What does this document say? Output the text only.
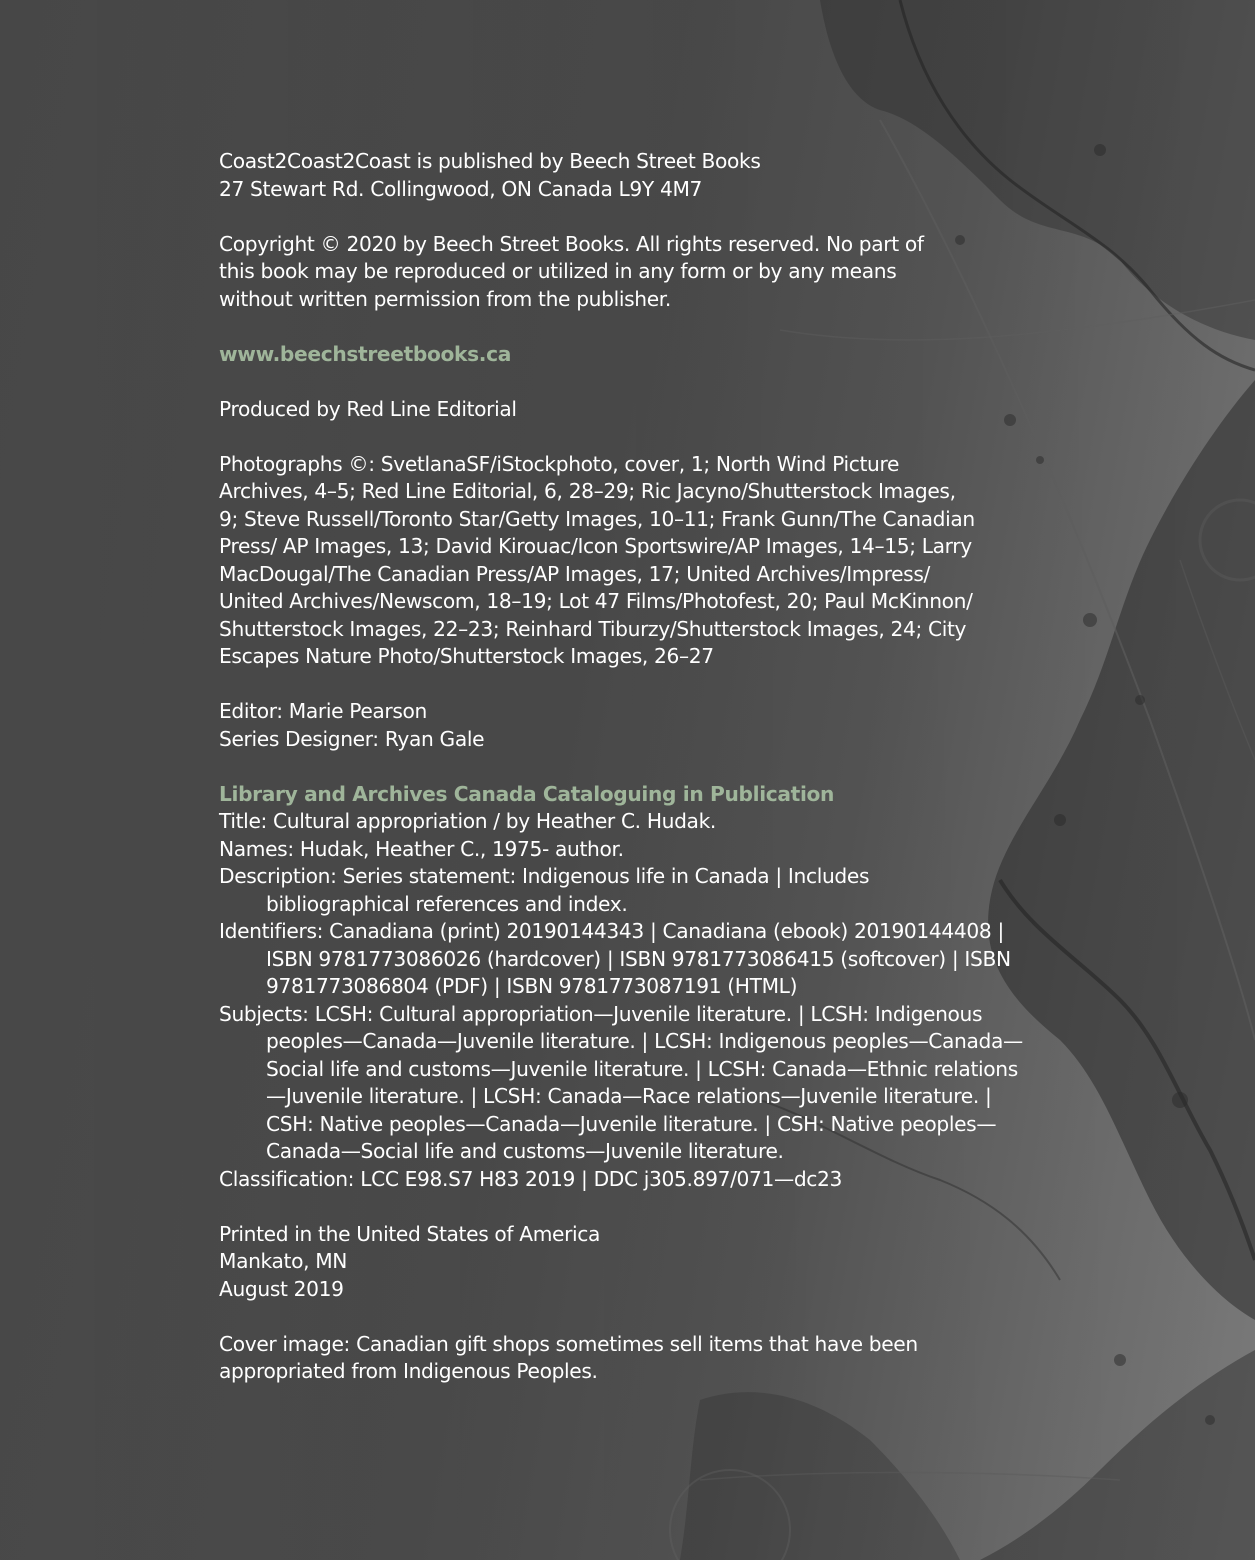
Coast2Coast2Coast is published by Beech Street Books
27 Stewart Rd. Collingwood, ON Canada L9Y 4M7

Copyright © 2020 by Beech Street Books. All rights reserved. No part of this book may be reproduced or utilized in any form or by any means without written permission from the publisher.

www.beechstreetbooks.ca

Produced by Red Line Editorial

Photographs ©: SvetlanaSF/iStockphoto, cover, 1; North Wind Picture Archives, 4–5; Red Line Editorial, 6, 28–29; Ric Jacyno/Shutterstock Images, 9; Steve Russell/Toronto Star/Getty Images, 10–11; Frank Gunn/The Canadian Press/ AP Images, 13; David Kirouac/Icon Sportswire/AP Images, 14–15; Larry MacDougal/The Canadian Press/AP Images, 17; United Archives/Impress/ United Archives/Newscom, 18–19; Lot 47 Films/Photofest, 20; Paul McKinnon/ Shutterstock Images, 22–23; Reinhard Tiburzy/Shutterstock Images, 24; City Escapes Nature Photo/Shutterstock Images, 26–27

Editor: Marie Pearson
Series Designer: Ryan Gale

Library and Archives Canada Cataloguing in Publication
Title: Cultural appropriation / by Heather C. Hudak.
Names: Hudak, Heather C., 1975- author.
Description: Series statement: Indigenous life in Canada | Includes bibliographical references and index.
Identifiers: Canadiana (print) 20190144343 | Canadiana (ebook) 20190144408 | ISBN 9781773086026 (hardcover) | ISBN 9781773086415 (softcover) | ISBN 9781773086804 (PDF) | ISBN 9781773087191 (HTML)
Subjects: LCSH: Cultural appropriation—Juvenile literature. | LCSH: Indigenous peoples—Canada—Juvenile literature. | LCSH: Indigenous peoples—Canada—Social life and customs—Juvenile literature. | LCSH: Canada—Ethnic relations—Juvenile literature. | LCSH: Canada—Race relations—Juvenile literature. | CSH: Native peoples—Canada—Juvenile literature. | CSH: Native peoples—Canada—Social life and customs—Juvenile literature.
Classification: LCC E98.S7 H83 2019 | DDC j305.897/071—dc23

Printed in the United States of America
Mankato, MN
August 2019

Cover image: Canadian gift shops sometimes sell items that have been appropriated from Indigenous Peoples.
